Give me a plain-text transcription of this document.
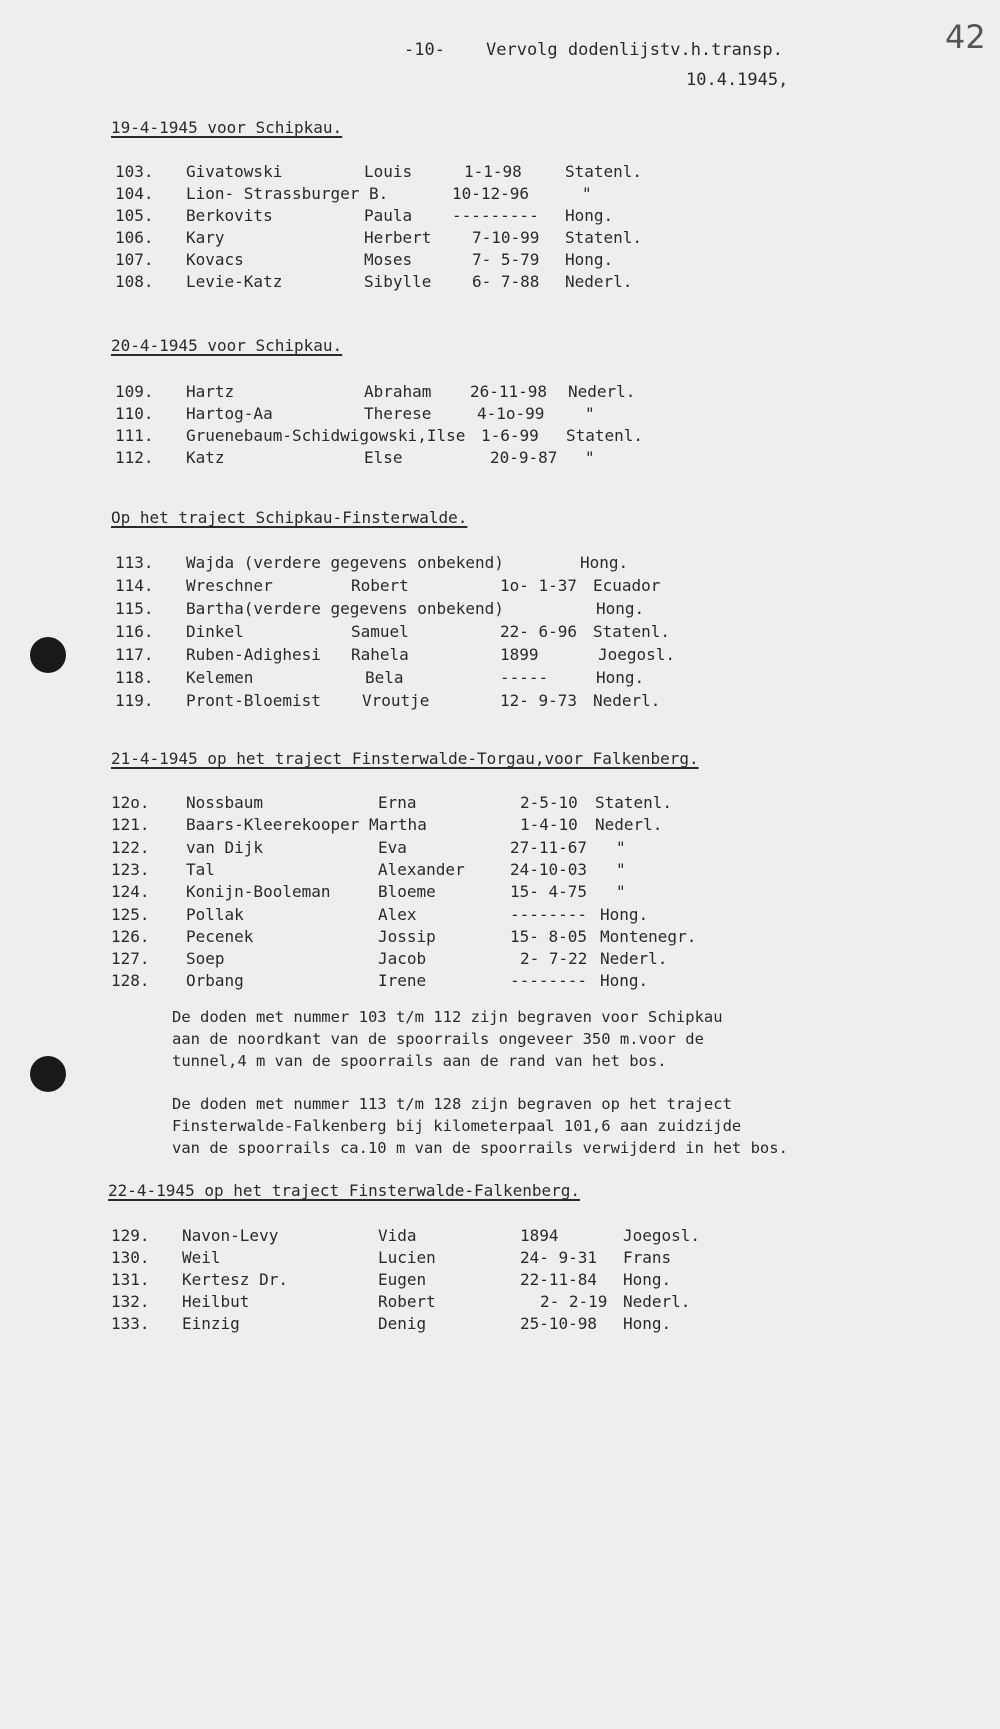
-10- Vervolg dodenlijstv.h.transp.
10.4.1945,
42
19-4-1945 voor Schipkau.
103. Givatowski	Louis	1-1-98	Statenl.
104. Lion- Strassburger B.	10-12-96	"
105. Berkovits	Paula --------- Hong.
106. Kary	Herbert	7-10-99 Statenl.
107. Kovacs	Moses	7- 5-79 Hong.
108. Levie-Katz	Sibylle	6- 7-88 Nederl.
20-4-1945 voor Schipkau.
109. Hartz	Abraham 26-11-98 Nederl.
110. Hartog-Aa	Therese	4-1o-99	"
111. Gruenebaum-Schidwigowski,Ilse 1-6-99 Statenl.
112. Katz	Else	20-9-87 "
Op het traject Schipkau-Finsterwalde.
113. Wajda (verdere gegevens onbekend)	Hong.
114. Wreschner	Robert	1o- 1-37 Ecuador
115. Bartha(verdere gegevens onbekend)	Hong.
116. Dinkel	Samuel	22- 6-96 Statenl.
117. Ruben-Adighesi Rahela	1899	Joegosl.
118. Kelemen	Bela	-----	Hong.
119. Pront-Bloemist	Vroutje	12- 9-73 Nederl.
21-4-1945 op het traject Finsterwalde-Torgau,voor Falkenberg.
12o. Nossbaum	Erna	2-5-10 Statenl.
121. Baars-Kleerekooper Martha	1-4-10 Nederl.
122. van Dijk	Eva	27-11-67 "
123. Tal	Alexander	24-10-03 "
124. Konijn-Booleman	Bloeme	15- 4-75 "
125. Pollak	Alex	-------- Hong.
126. Pecenek	Jossip	15- 8-05 Montenegr.
127. Soep	Jacob	2- 7-22 Nederl.
128. Orbang	Irene	-------- Hong.
De doden met nummer 103 t/m 112 zijn begraven voor Schipkau
aan de noordkant van de spoorrails ongeveer 350 m.voor de
tunnel,4 m van de spoorrails aan de rand van het bos.
De doden met nummer 113 t/m 128 zijn begraven op het traject
Finsterwalde-Falkenberg bij kilometerpaal 101,6 aan zuidzijde
van de spoorrails ca.10 m van de spoorrails verwijderd in het bos.
22-4-1945 op het traject Finsterwalde-Falkenberg.
129. Navon-Levy	Vida	1894	Joegosl.
130. Weil	Lucien	24- 9-31 Frans
131. Kertesz Dr.	Eugen	22-11-84 Hong.
132. Heilbut	Robert	2- 2-19 Nederl.
133. Einzig	Denig	25-10-98 Hong.
